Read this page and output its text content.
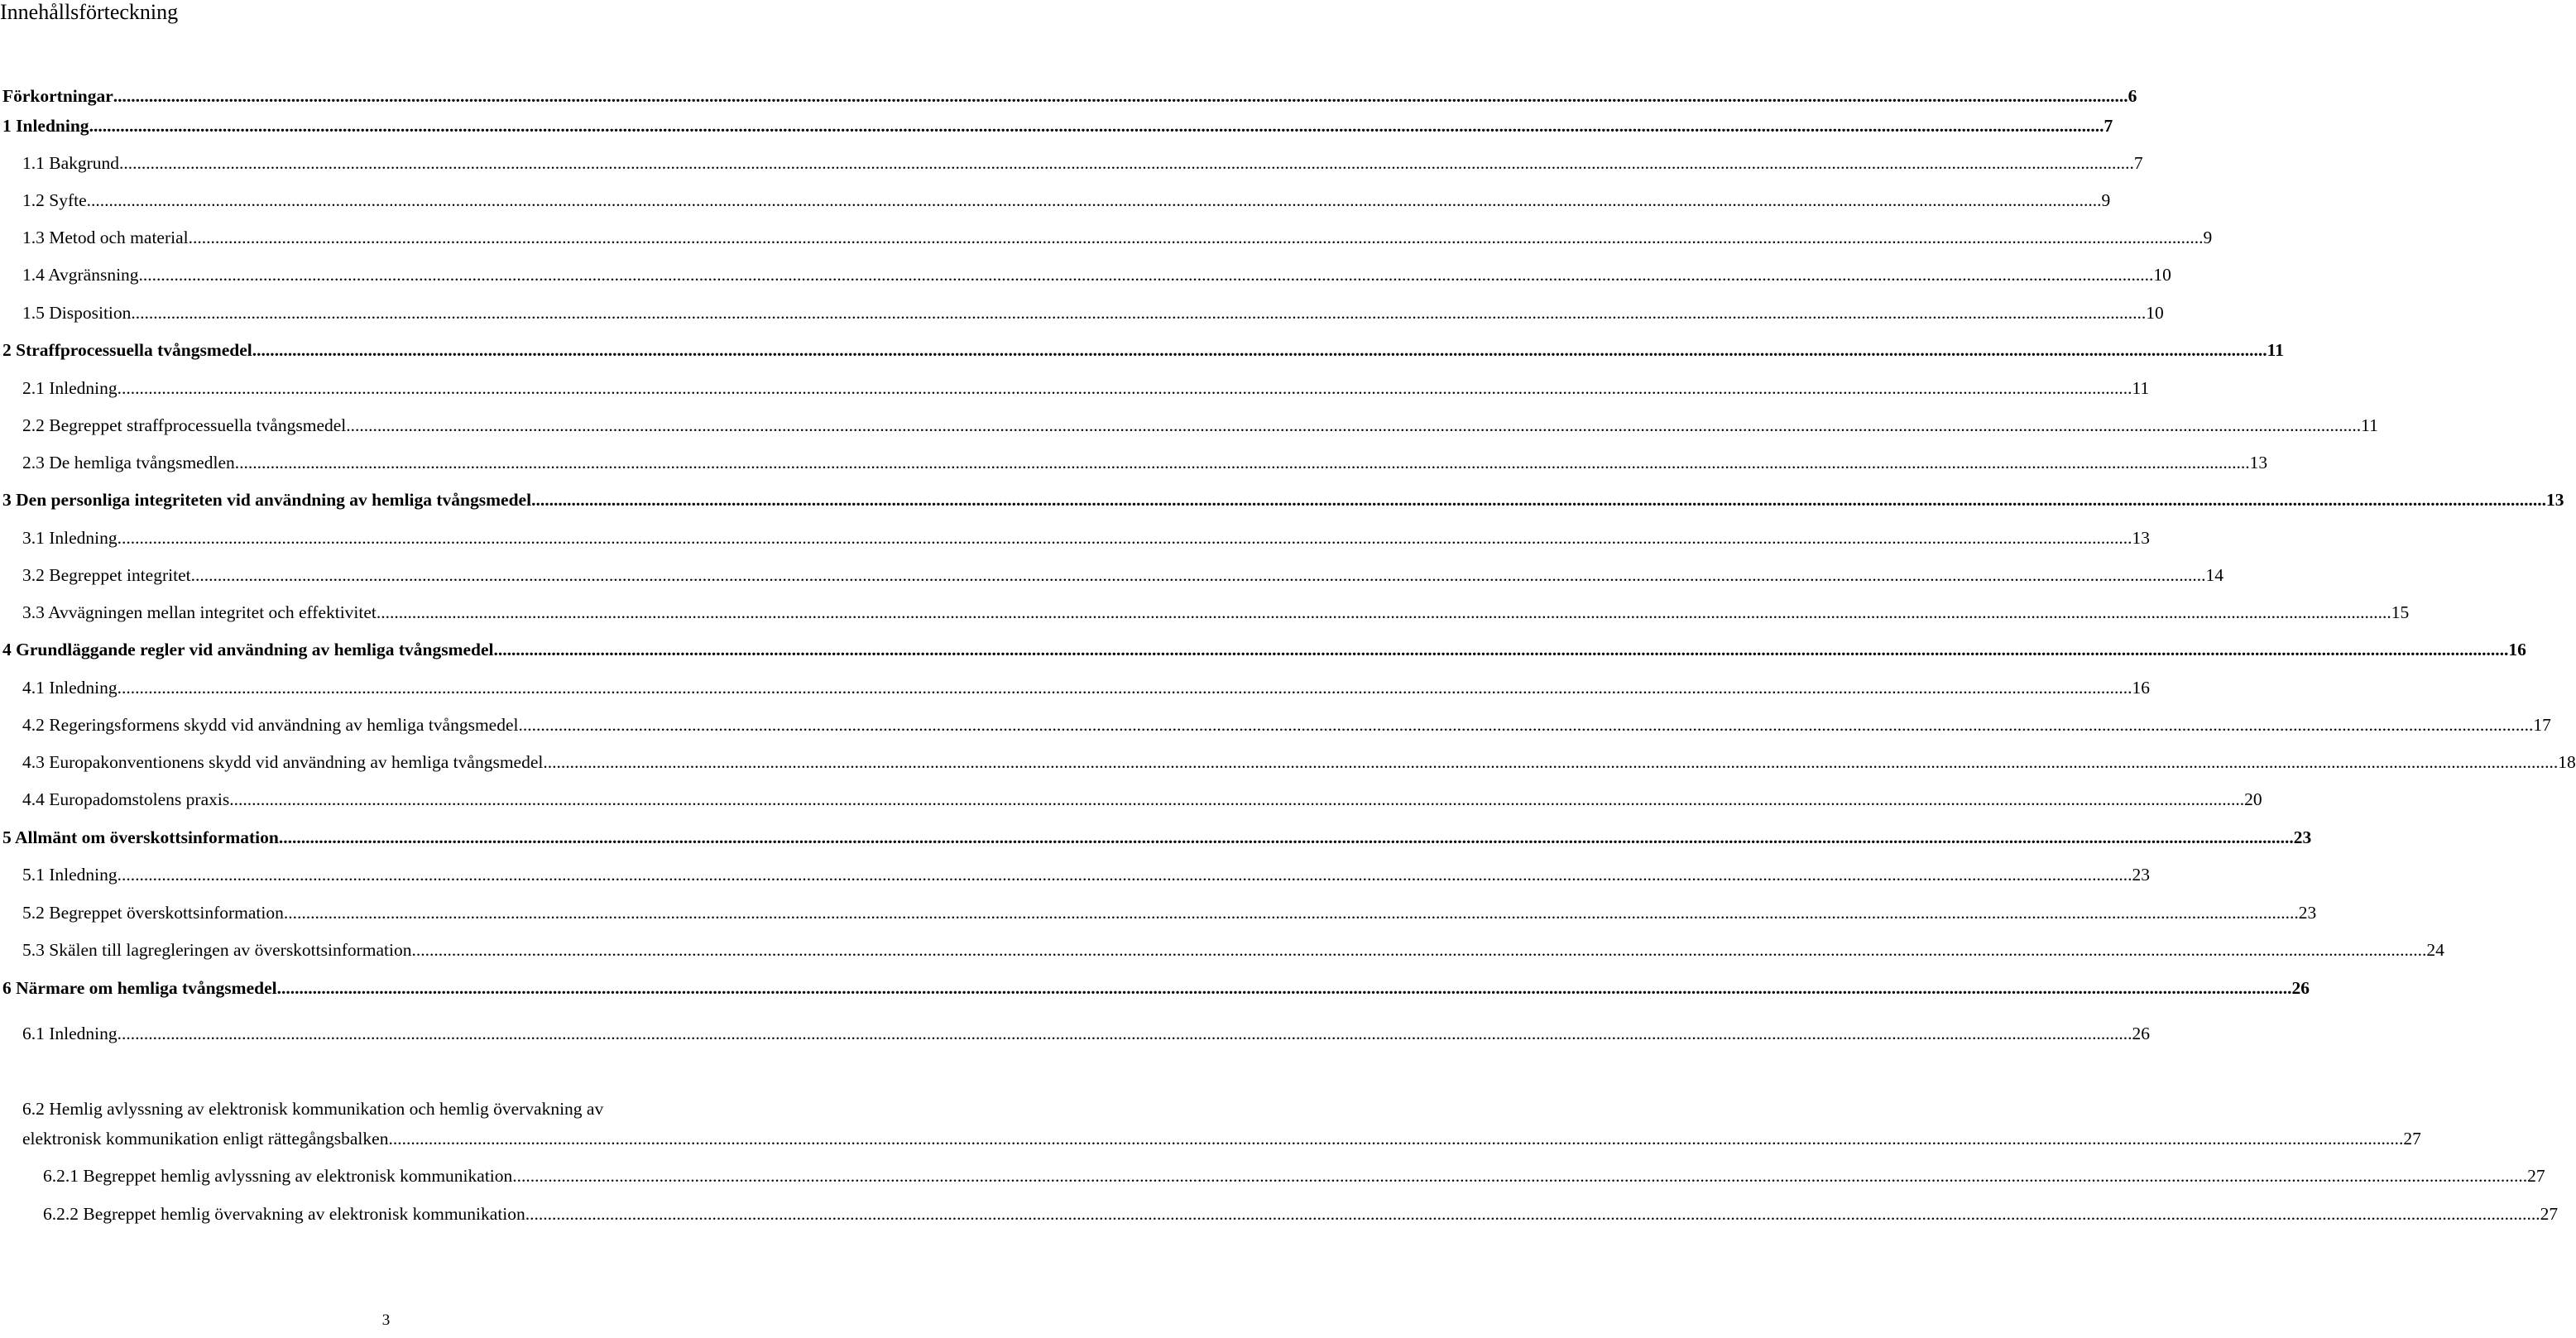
Innehållsförteckning
Förkortningar .....	6
1 Inledning .....	7
1.1 Bakgrund .....	7
1.2 Syfte .....	9
1.3 Metod och material .....	9
1.4 Avgränsning .....	10
1.5 Disposition .....	10
2 Straffprocessuella tvångsmedel .....	11
2.1 Inledning .....	11
2.2 Begreppet straffprocessuella tvångsmedel .....	11
2.3 De hemliga tvångsmedlen .....	13
3 Den personliga integriteten vid användning av hemliga tvångsmedel .....	13
3.1 Inledning .....	13
3.2 Begreppet integritet .....	14
3.3 Avvägningen mellan integritet och effektivitet .....	15
4 Grundläggande regler vid användning av hemliga tvångsmedel .....	16
4.1 Inledning .....	16
4.2 Regeringsformens skydd vid användning av hemliga tvångsmedel .....	17
4.3 Europakonventionens skydd vid användning av hemliga tvångsmedel .....	18
4.4 Europadomstolens praxis .....	20
5 Allmänt om överskottsinformation .....	23
5.1 Inledning .....	23
5.2 Begreppet överskottsinformation .....	23
5.3 Skälen till lagregleringen av överskottsinformation .....	24
6 Närmare om hemliga tvångsmedel .....	26
6.1 Inledning .....	26
6.2 Hemlig avlyssning av elektronisk kommunikation och hemlig övervakning av
elektronisk kommunikation enligt rättegångsbalken .....	27
6.2.1 Begreppet hemlig avlyssning av elektronisk kommunikation .....	27
6.2.2 Begreppet hemlig övervakning av elektronisk kommunikation .....	27
3
